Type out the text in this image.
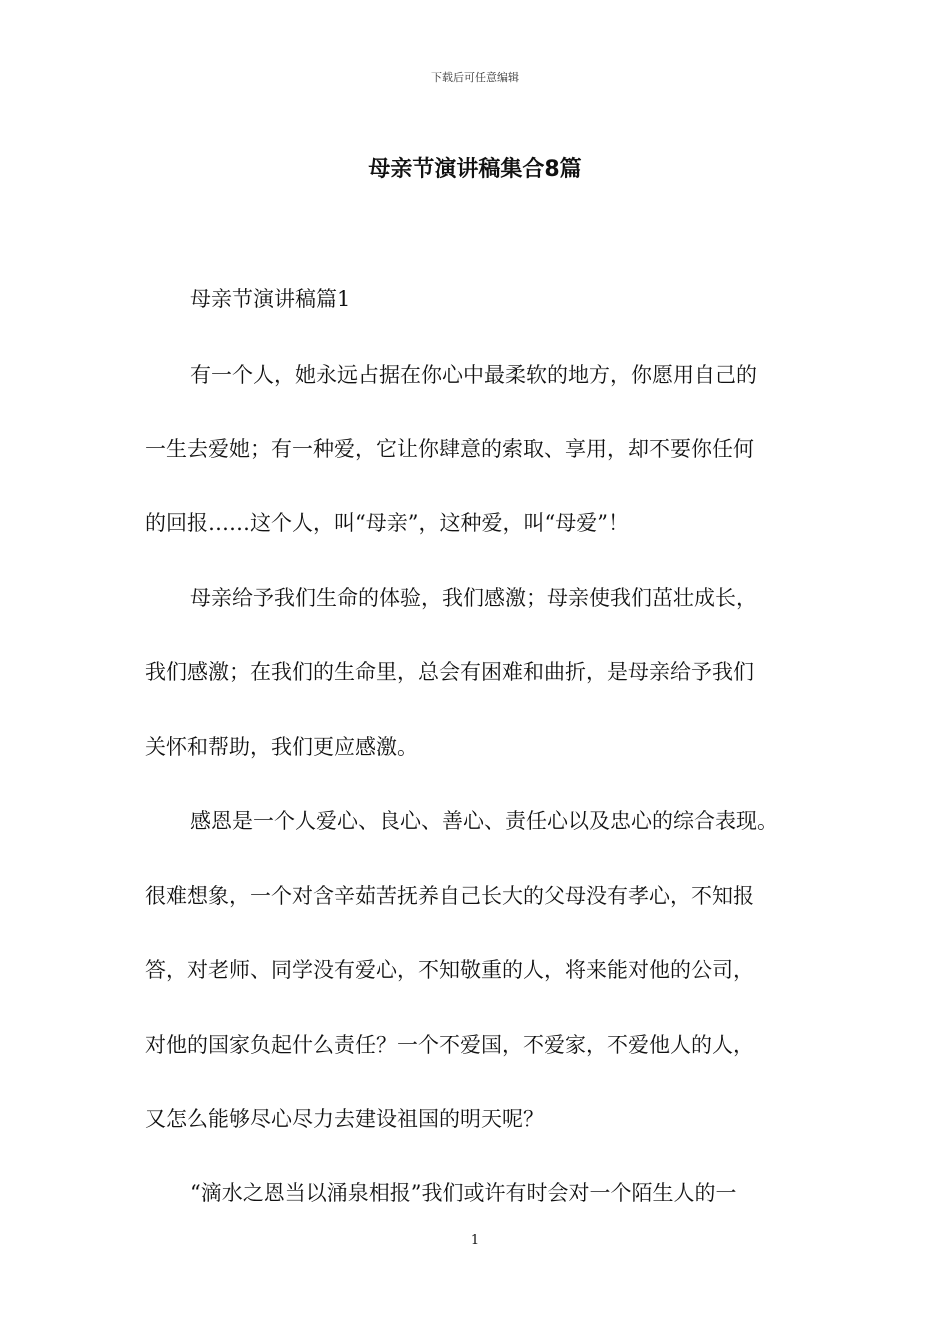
下载后可任意编辑
母亲节演讲稿集合8篇
母亲节演讲稿篇1
有一个人，她永远占据在你心中最柔软的地方，你愿用自己的
一生去爱她；有一种爱，它让你肆意的索取、享用，却不要你任何
的回报……这个人，叫“母亲”，这种爱，叫“母爱”！
母亲给予我们生命的体验，我们感激；母亲使我们茁壮成长，
我们感激；在我们的生命里，总会有困难和曲折，是母亲给予我们
关怀和帮助，我们更应感激。
感恩是一个人爱心、良心、善心、责任心以及忠心的综合表现。
很难想象，一个对含辛茹苦抚养自己长大的父母没有孝心，不知报
答，对老师、同学没有爱心，不知敬重的人，将来能对他的公司，
对他的国家负起什么责任？一个不爱国，不爱家，不爱他人的人，
又怎么能够尽心尽力去建设祖国的明天呢？
“滴水之恩当以涌泉相报”我们或许有时会对一个陌生人的一
1
